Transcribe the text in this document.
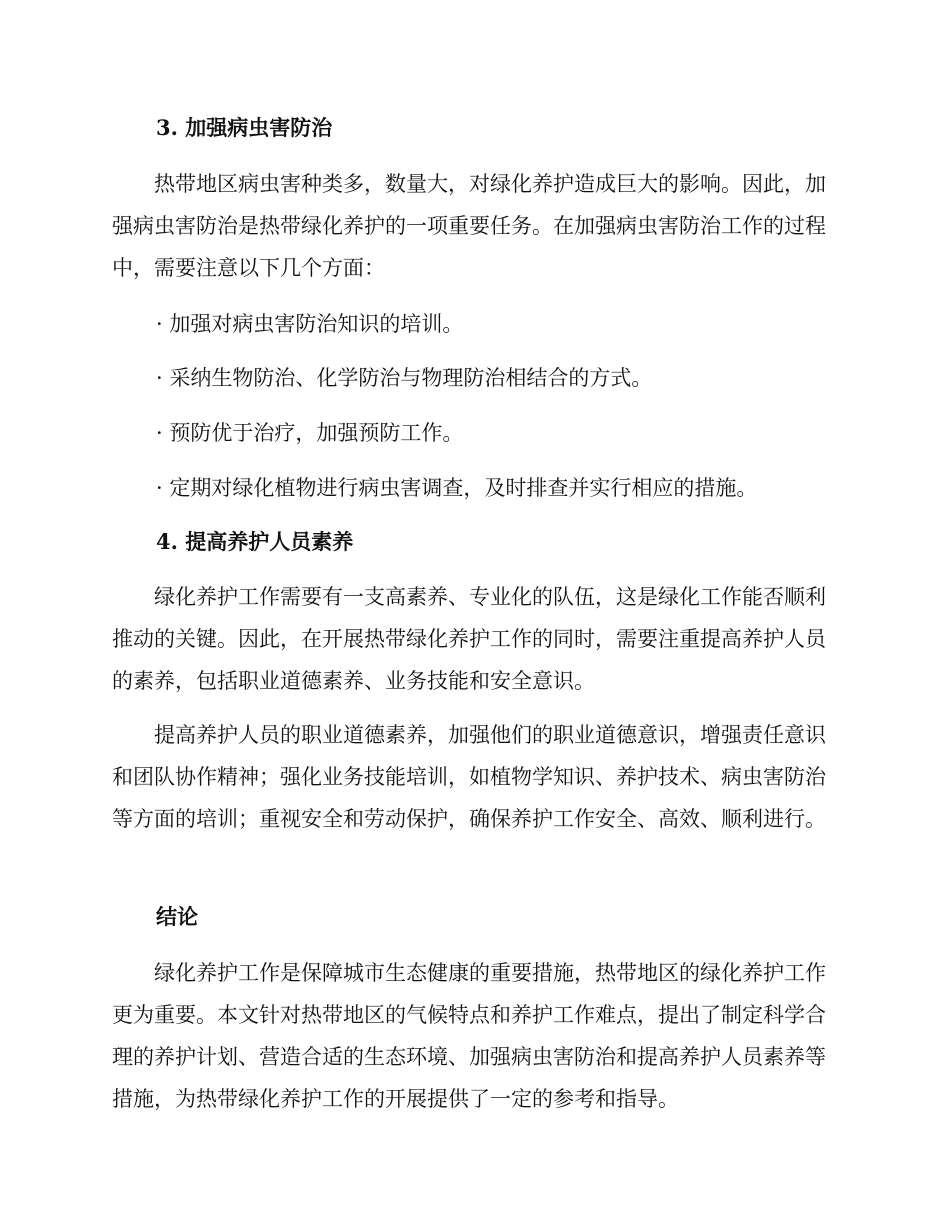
3. 加强病虫害防治

热带地区病虫害种类多，数量大，对绿化养护造成巨大的影响。因此，加强病虫害防治是热带绿化养护的一项重要任务。在加强病虫害防治工作的过程中，需要注意以下几个方面：

· 加强对病虫害防治知识的培训。

· 采纳生物防治、化学防治与物理防治相结合的方式。

· 预防优于治疗，加强预防工作。

· 定期对绿化植物进行病虫害调查，及时排查并实行相应的措施。

4. 提高养护人员素养

绿化养护工作需要有一支高素养、专业化的队伍，这是绿化工作能否顺利推动的关键。因此，在开展热带绿化养护工作的同时，需要注重提高养护人员的素养，包括职业道德素养、业务技能和安全意识。

提高养护人员的职业道德素养，加强他们的职业道德意识，增强责任意识和团队协作精神；强化业务技能培训，如植物学知识、养护技术、病虫害防治等方面的培训；重视安全和劳动保护，确保养护工作安全、高效、顺利进行。

结论

绿化养护工作是保障城市生态健康的重要措施，热带地区的绿化养护工作更为重要。本文针对热带地区的气候特点和养护工作难点，提出了制定科学合理的养护计划、营造合适的生态环境、加强病虫害防治和提高养护人员素养等措施，为热带绿化养护工作的开展提供了一定的参考和指导。
